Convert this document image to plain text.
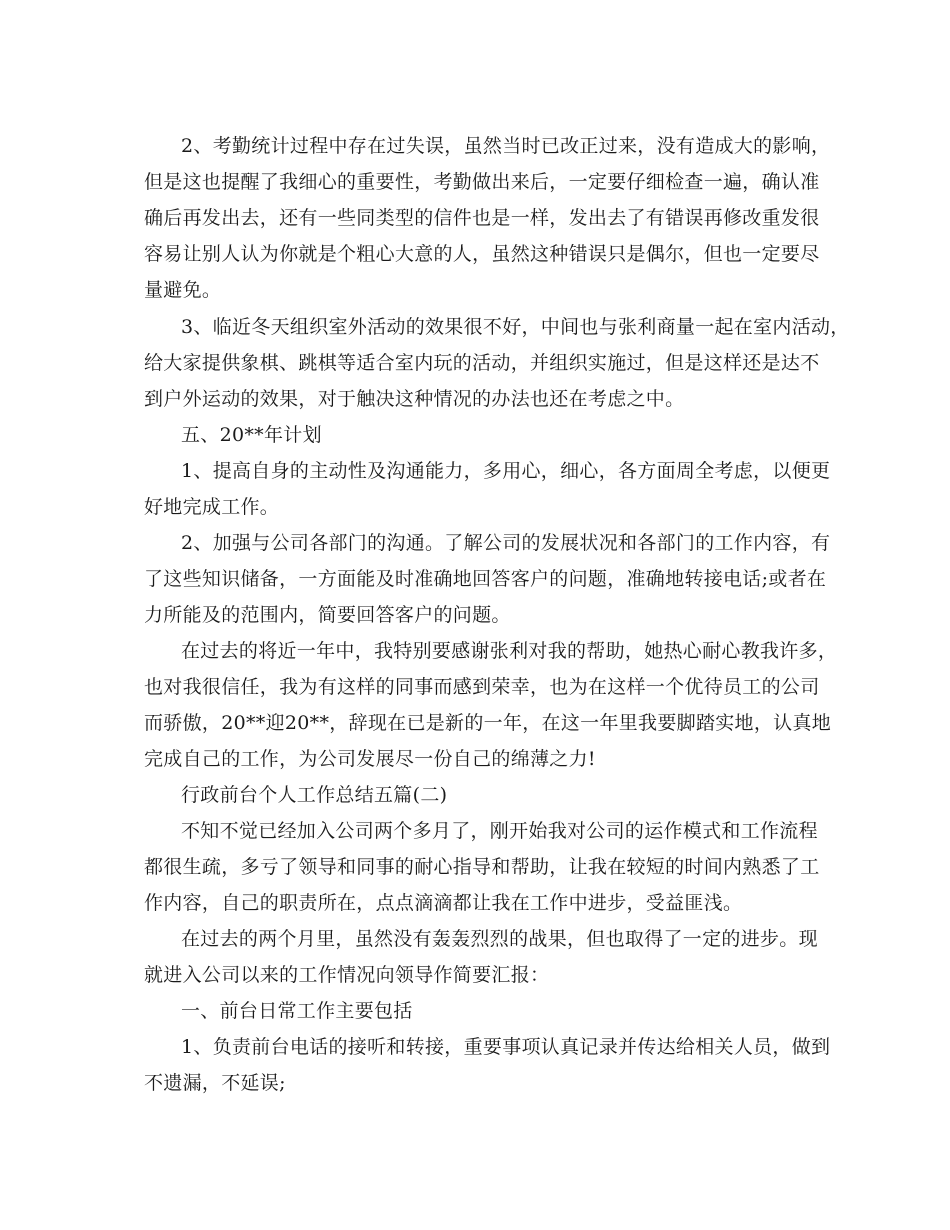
2、考勤统计过程中存在过失误，虽然当时已改正过来，没有造成大的影响，
但是这也提醒了我细心的重要性，考勤做出来后，一定要仔细检查一遍，确认准
确后再发出去，还有一些同类型的信件也是一样，发出去了有错误再修改重发很
容易让别人认为你就是个粗心大意的人，虽然这种错误只是偶尔，但也一定要尽
量避免。
3、临近冬天组织室外活动的效果很不好，中间也与张利商量一起在室内活动，
给大家提供象棋、跳棋等适合室内玩的活动，并组织实施过，但是这样还是达不
到户外运动的效果，对于触决这种情况的办法也还在考虑之中。
五、20**年计划
1、提高自身的主动性及沟通能力，多用心，细心，各方面周全考虑，以便更
好地完成工作。
2、加强与公司各部门的沟通。了解公司的发展状况和各部门的工作内容，有
了这些知识储备，一方面能及时准确地回答客户的问题，准确地转接电话;或者在
力所能及的范围内，简要回答客户的问题。
在过去的将近一年中，我特别要感谢张利对我的帮助，她热心耐心教我许多，
也对我很信任，我为有这样的同事而感到荣幸，也为在这样一个优待员工的公司
而骄傲，20**迎20**，辞现在已是新的一年，在这一年里我要脚踏实地，认真地
完成自己的工作，为公司发展尽一份自己的绵薄之力!
行政前台个人工作总结五篇(二)
不知不觉已经加入公司两个多月了，刚开始我对公司的运作模式和工作流程
都很生疏，多亏了领导和同事的耐心指导和帮助，让我在较短的时间内熟悉了工
作内容，自己的职责所在，点点滴滴都让我在工作中进步，受益匪浅。
在过去的两个月里，虽然没有轰轰烈烈的战果，但也取得了一定的进步。现
就进入公司以来的工作情况向领导作简要汇报：
一、前台日常工作主要包括
1、负责前台电话的接听和转接，重要事项认真记录并传达给相关人员，做到
不遗漏，不延误;
